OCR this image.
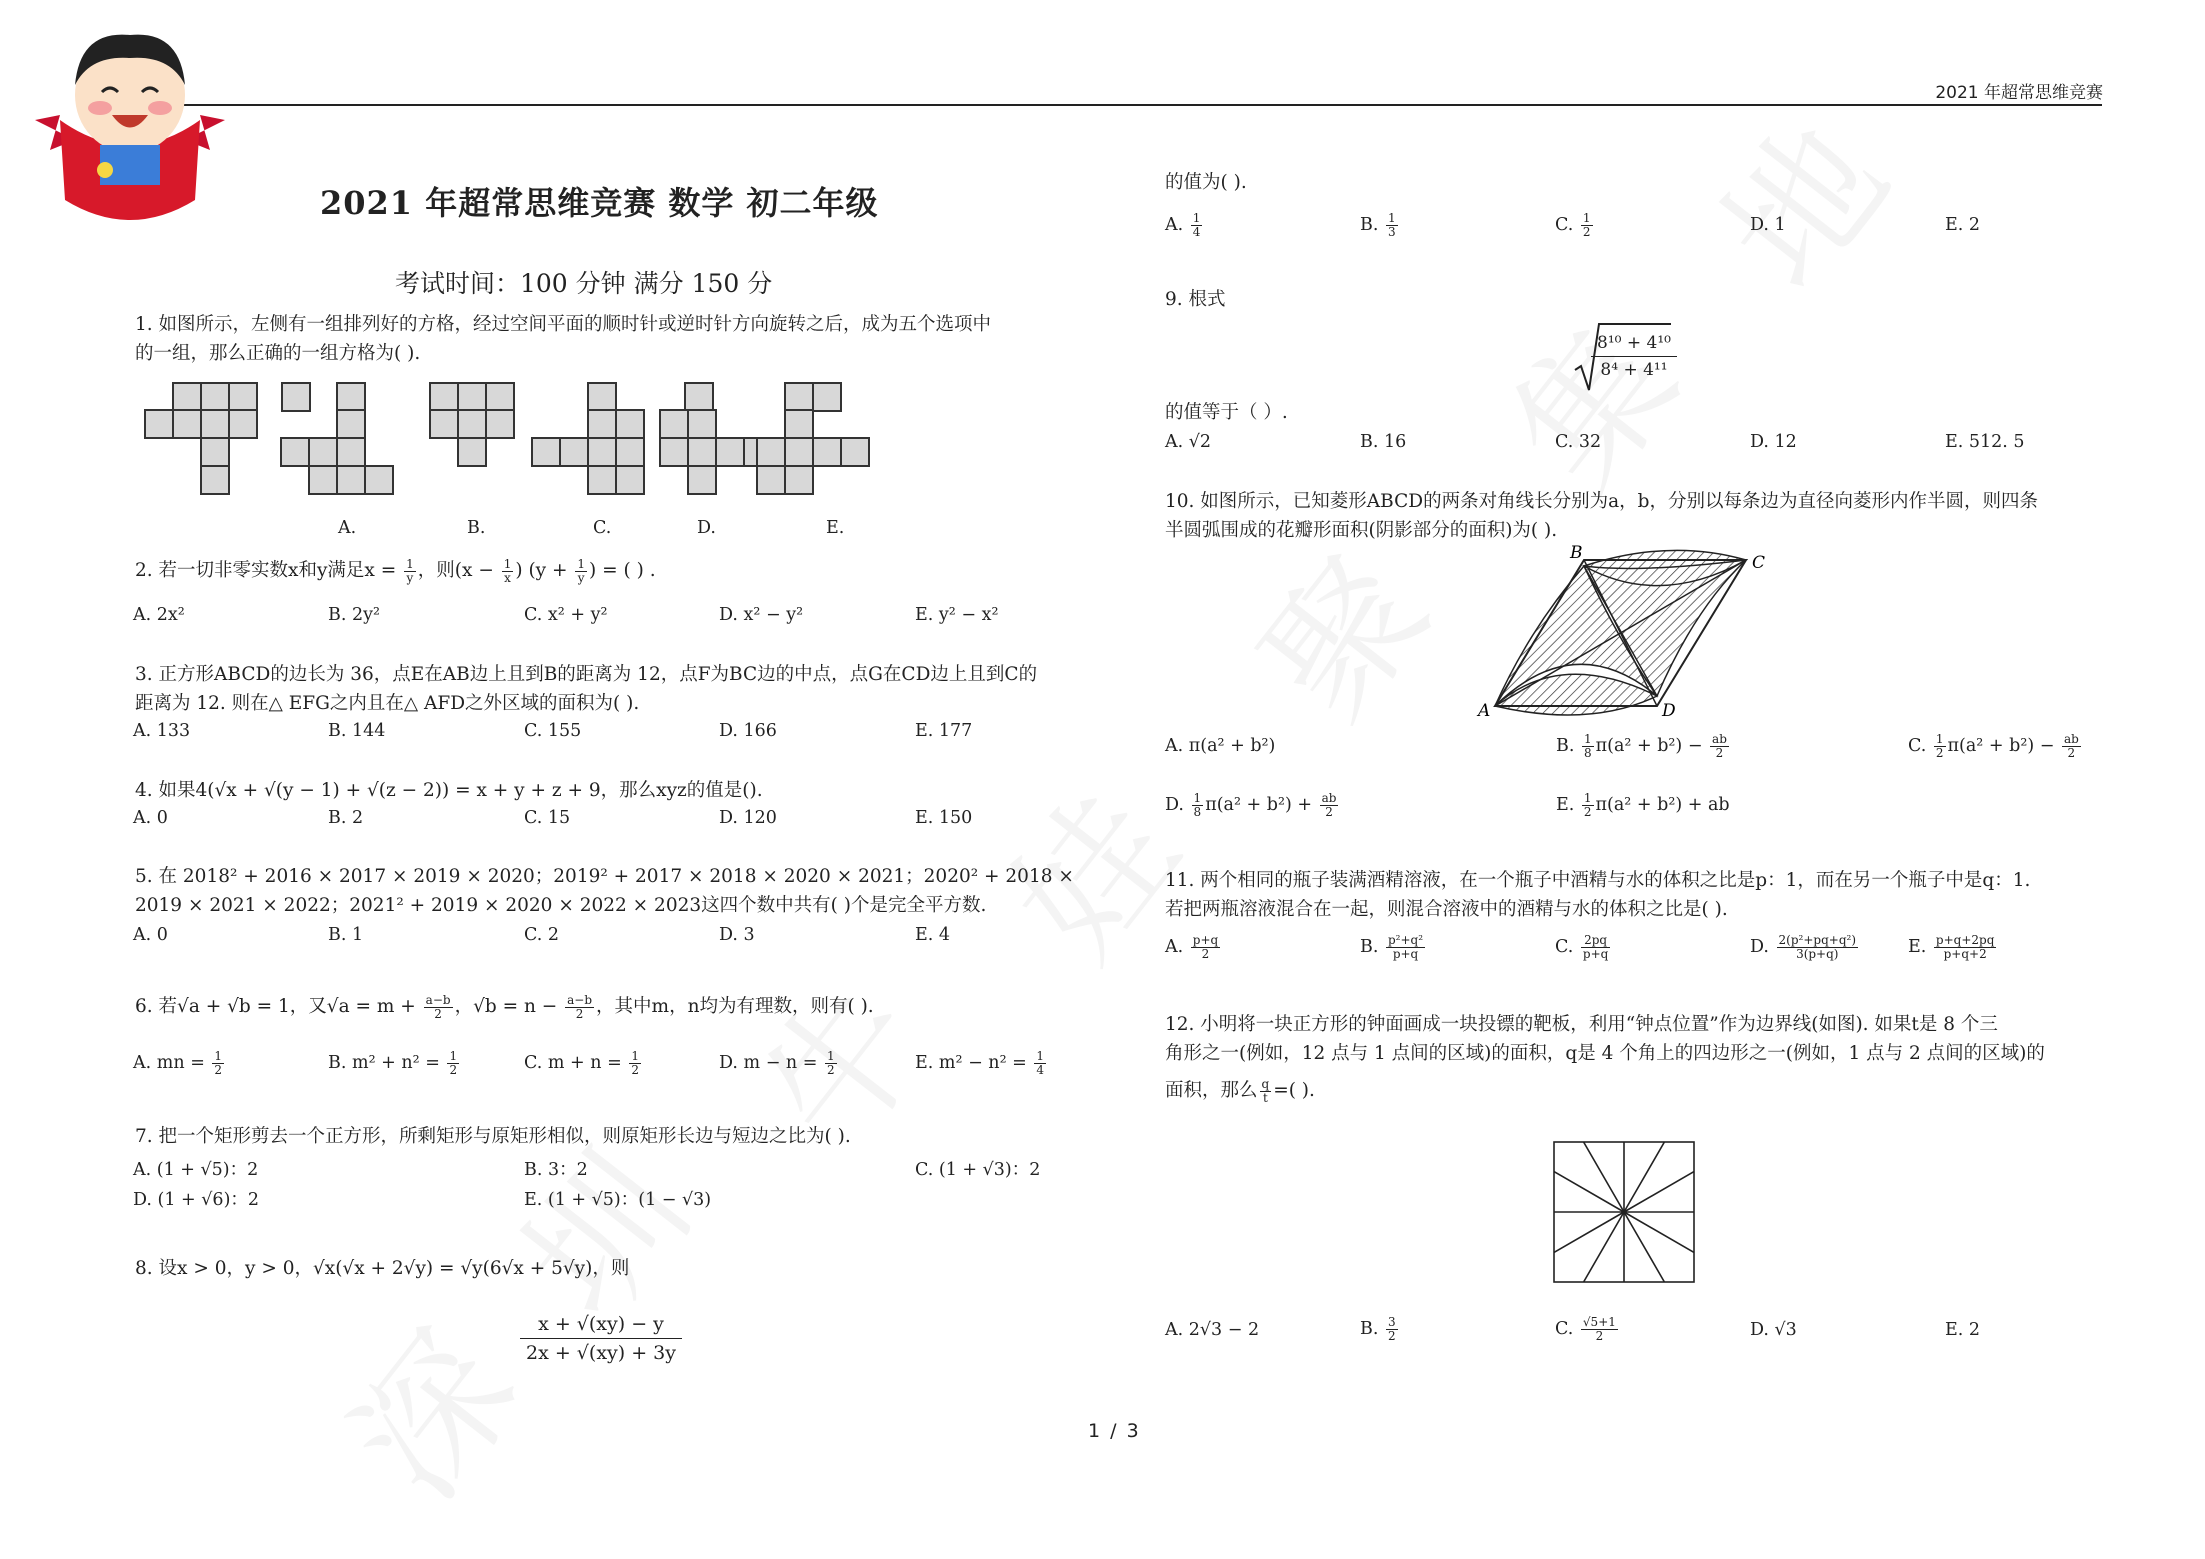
2021 年超常思维竞赛
2021 年超常思维竞赛 数学 初二年级
考试时间：100 分钟 满分 150 分
1. 如图所示，左侧有一组排列好的方格，经过空间平面的顺时针或逆时针方向旋转之后，成为五个选项中
的一组，那么正确的一组方格为( ).
A.	B.	C.	D.	E.
2. 若一切非零实数x和y满足$x = \frac{1}{y}$ ，则($x - \frac{1}{x}$ ) ($y + \frac{1}{y}$ ) = ( ) .
A. 2x²	B. 2y²	C. x² + y²	D. x² − y²	E. y² − x²
3. 正方形ABCD的边长为 36，点E在AB边上且到B的距离为 12，点F为BC边的中点，点G在CD边上且到C的
距离为 12. 则在△ EFG之内且在△ AFD之外区域的面积为( ).
A. 133	B. 144	C. 155	D. 166	E. 177
4. 如果4(√x + √(y − 1) + √(z − 2)) = x + y + z + 9，那么xyz的值是().
A. 0	B. 2	C. 15	D. 120	E. 150
5. 在 2018² + 2016 × 2017 × 2019 × 2020；2019² + 2017 × 2018 × 2020 × 2021；2020² + 2018 ×
2019 × 2021 × 2022；2021² + 2019 × 2020 × 2022 × 2023这四个数中共有( )个是完全平方数.
A. 0	B. 1	C. 2	D. 3	E. 4
6. 若√a + √b = 1，又$√a = m + \frac{a-b}{2}$ ，$√b = n - \frac{a-b}{2}$ ，其中m，n均为有理数，则有( ).
A. mn = $\frac{1}{2}$	B. $m^2 + n^2 = \frac{1}{2}$	C. $m + n = \frac{1}{2}$	D. $m - n = \frac{1}{2}$	E. $m^2 - n^2 = \frac{1}{4}$
7. 把一个矩形剪去一个正方形，所剩矩形与原矩形相似，则原矩形长边与短边之比为( ).
A. (1 + √5)：2	B. 3：2	C. (1 + √3)：2
D. (1 + √6)：2	E. (1 + √5)：(1 − √3)
8. 设x > 0，y > 0，√x(√x + 2√y) = √y(6√x + 5√y)，则
x + √(xy) − y
2x + √(xy) + 3y
的值为( ).
A. $\frac{1}{4}$	B. $\frac{1}{3}$	C. $\frac{1}{2}$	D. 1	E. 2
9. 根式
8¹⁰ + 4¹⁰
8⁴ + 4¹¹
的值等于（ ）.
A. √2	B. 16	C. 32	D. 12	E. 512. 5
10. 如图所示，已知菱形ABCD的两条对角线长分别为a，b，分别以每条边为直径向菱形内作半圆，则四条
半圆弧围成的花瓣形面积(阴影部分的面积)为( ).
A
B	C
D
A. π(a² + b²)	B. $\frac{1}{8} \pi(a^2 + b^2) - \frac{ab}{2}$	C. $\frac{1}{2} \pi(a^2 + b^2) - \frac{ab}{2}$
D. $\frac{1}{8} \pi(a^2 + b^2) + \frac{ab}{2}$	E. $\frac{1}{2} \pi(a^2 + b^2)$ + ab
11. 两个相同的瓶子装满酒精溶液，在一个瓶子中酒精与水的体积之比是p：1，而在另一个瓶子中是q：1.
若把两瓶溶液混合在一起，则混合溶液中的酒精与水的体积之比是( ).
A. $\frac{p+q}{2}$	B. $\frac{\text{p²+q²}}{p+q}$	C. $\frac{2pq}{p+q}$	D. $\frac{\text{2(p²+pq+q²)}}{3(p+q)}$	E. $\frac{p+q+2pq}{p+q+2}$
12. 小明将一块正方形的钟面画成一块投镖的靶板，利用“钟点位置”作为边界线(如图). 如果t是 8 个三
角形之一(例如，12 点与 1 点间的区域)的面积，q是 4 个角上的四边形之一(例如，1 点与 2 点间的区域)的
面积，那么 $\frac{q}{t}$ =( ).
A. 2√3 − 2	B. $\frac{3}{2}$	C. $\frac{√5+1}{2}$	D. √3	E. 2
1 / 3
